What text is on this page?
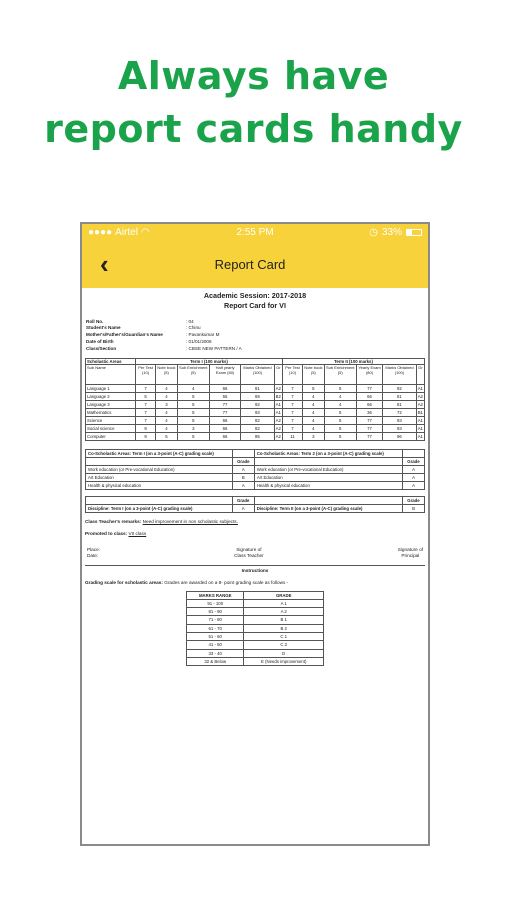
Always have
report cards handy
●●●● Airtel ◠	2:55 PM	◷ 33%
‹	Report Card
Academic Session: 2017-2018
Report Card for VI
Roll No.	: 04
Student's Name	: Chinu
Mother's/Father's/Guardian's Name	: Pavankumar M
Date of Birth	: 01/01/2006
Class/Section	: CBSE NEW PATTERN / A
Scholastic Areas	Term I (100 marks)						Term II (100 marks)					
Sub Name	Per Test (10)	Note book (5)	Sub Enrichment (5)	Half yearly Exam (80)	Marks Obtained (100)	Gr	Per Test (10)	Note book (5)	Sub Enrichment (5)	Yearly Exam (80)	Marks Obtained (100)	Gr
Language 1	7	4	4	66	81	A2	7	5	5	77	92	A1
Language 2	5	4	5	55	69	B2	7	4	4	66	81	A2
Language 3	7	3	5	77	92	A1	7	4	4	66	81	A2
Mathematics	7	4	5	77	93	A1	7	4	5	36	72	B1
Science	7	4	5	66	82	A2	7	4	5	77	93	A1
Social science	9	4	3	66	82	A2	7	4	5	77	93	A1
Computer	9	5	5	66	85	A2	11	3	5	77	96	A1
Co-Scholastic Areas: Term I (on a 3-point (A-C) grading scale)		Co-Scholastic Areas: Term 2 (on a 3-point (A-C) grading scale)	
	Grade		Grade
Work education (or Pre-vocational Education)	A	Work education (or Pre-vocational Education)	A
Art Education	B	Art Education	A
Health & physical education	A	Health & physical education	A
	Grade		Grade
Discipline: Term I (on a 3-point (A-C) grading scale)	A	Discipline: Term II (on a 3-point (A-C) grading scale)	B
Class Teacher's remarks: Need improvement in non scholastic subjects.
Promoted to class: VII class
Place:
Date:
Signature of
Class Teacher
Signature of
Principal
Instructions
Grading scale for scholastic areas: Grades are awarded on a 8- point grading scale as follows -
MARKS RANGE	GRADE
91 - 100	A 1
81 - 90	A 2
71 - 80	B 1
61 - 70	B 2
51 - 60	C 1
41 - 50	C 2
33 - 40	D
32 & Below	E (Needs improvement)
